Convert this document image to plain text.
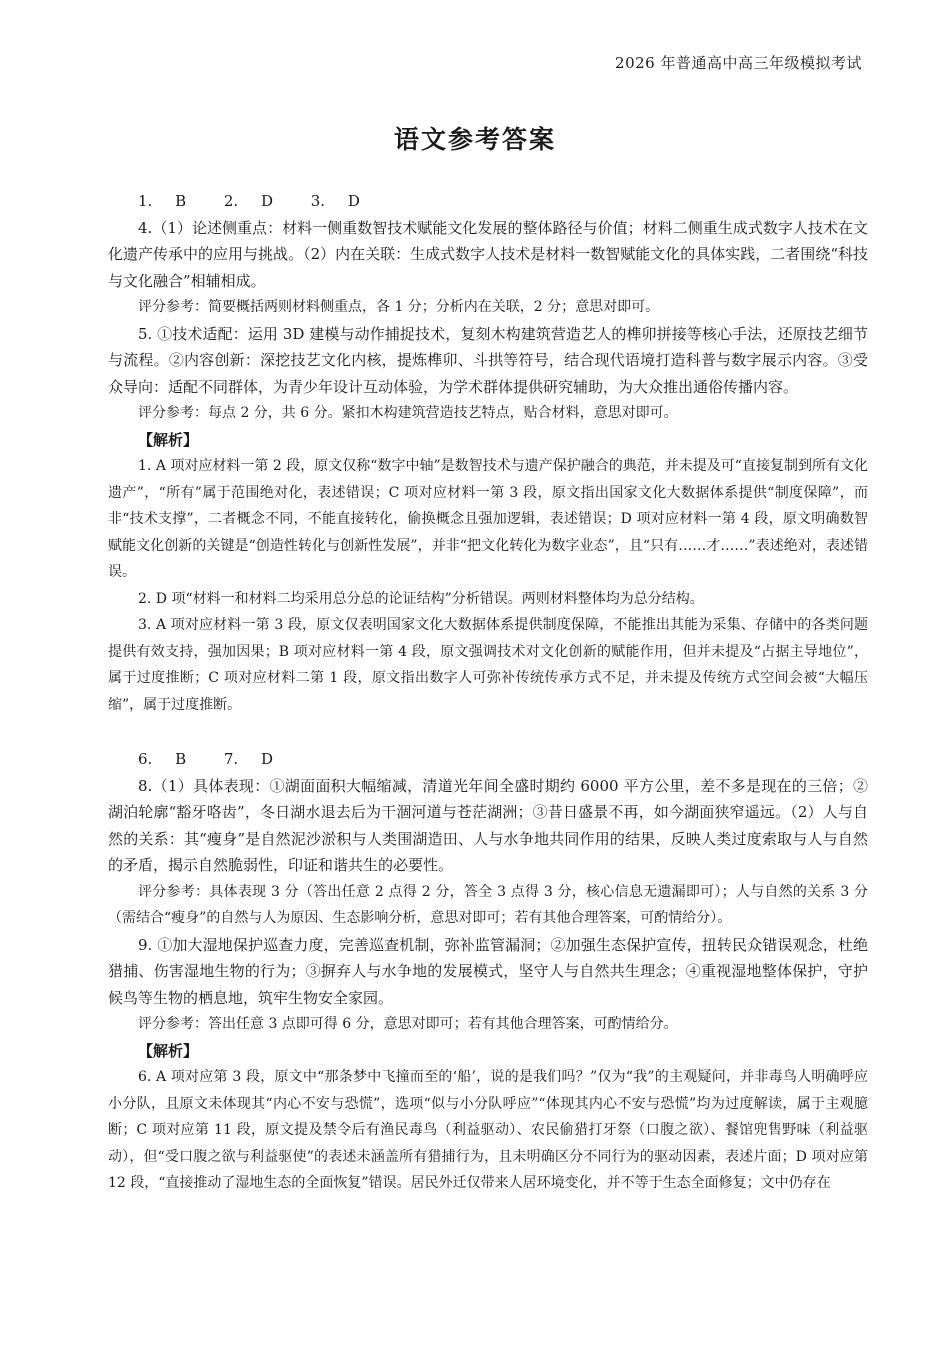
2026 年普通高中高三年级模拟考试
语文参考答案

1. B　 2. D　 3. D

4.（1）论述侧重点：材料一侧重数智技术赋能文化发展的整体路径与价值；材料二侧重生成式数字人技术在文化遗产传承中的应用与挑战。（2）内在关联：生成式数字人技术是材料一数智赋能文化的具体实践，二者围绕“科技与文化融合”相辅相成。

评分参考：简要概括两则材料侧重点，各 1 分；分析内在关联，2 分；意思对即可。

5. ①技术适配：运用 3D 建模与动作捕捉技术，复刻木构建筑营造艺人的榫卯拼接等核心手法，还原技艺细节与流程。②内容创新：深挖技艺文化内核，提炼榫卯、斗拱等符号，结合现代语境打造科普与数字展示内容。③受众导向：适配不同群体，为青少年设计互动体验，为学术群体提供研究辅助，为大众推出通俗传播内容。

评分参考：每点 2 分，共 6 分。紧扣木构建筑营造技艺特点，贴合材料，意思对即可。

【解析】

1. A 项对应材料一第 2 段，原文仅称“数字中轴”是数智技术与遗产保护融合的典范，并未提及可“直接复制到所有文化遗产”，“所有”属于范围绝对化，表述错误；C 项对应材料一第 3 段，原文指出国家文化大数据体系提供“制度保障”，而非“技术支撑”，二者概念不同，不能直接转化，偷换概念且强加逻辑，表述错误；D 项对应材料一第 4 段，原文明确数智赋能文化创新的关键是“创造性转化与创新性发展”，并非“把文化转化为数字业态”，且“只有……才……”表述绝对，表述错误。

2. D 项“材料一和材料二均采用总分总的论证结构”分析错误。两则材料整体均为总分结构。

3. A 项对应材料一第 3 段，原文仅表明国家文化大数据体系提供制度保障，不能推出其能为采集、存储中的各类问题提供有效支持，强加因果；B 项对应材料一第 4 段，原文强调技术对文化创新的赋能作用，但并未提及“占据主导地位”，属于过度推断；C 项对应材料二第 1 段，原文指出数字人可弥补传统传承方式不足，并未提及传统方式空间会被“大幅压缩”，属于过度推断。

6. B　 7. D

8.（1）具体表现：①湖面面积大幅缩减，清道光年间全盛时期约 6000 平方公里，差不多是现在的三倍；②湖泊轮廓“豁牙咯齿”，冬日湖水退去后为干涸河道与苍茫湖洲；③昔日盛景不再，如今湖面狭窄遥远。（2）人与自然的关系：其“瘦身”是自然泥沙淤积与人类围湖造田、人与水争地共同作用的结果，反映人类过度索取与人与自然的矛盾，揭示自然脆弱性，印证和谐共生的必要性。

评分参考：具体表现 3 分（答出任意 2 点得 2 分，答全 3 点得 3 分，核心信息无遗漏即可）；人与自然的关系 3 分（需结合“瘦身”的自然与人为原因、生态影响分析，意思对即可；若有其他合理答案，可酌情给分）。

9. ①加大湿地保护巡查力度，完善巡查机制，弥补监管漏洞；②加强生态保护宣传，扭转民众错误观念，杜绝猎捕、伤害湿地生物的行为；③摒弃人与水争地的发展模式，坚守人与自然共生理念；④重视湿地整体保护，守护候鸟等生物的栖息地，筑牢生物安全家园。

评分参考：答出任意 3 点即可得 6 分，意思对即可；若有其他合理答案，可酌情给分。

【解析】

6. A 项对应第 3 段，原文中“那条梦中飞撞而至的‘船’，说的是我们吗？”仅为“我”的主观疑问，并非毒鸟人明确呼应小分队，且原文未体现其“内心不安与恐慌”，选项“似与小分队呼应”“体现其内心不安与恐慌”均为过度解读，属于主观臆断；C 项对应第 11 段，原文提及禁令后有渔民毒鸟（利益驱动）、农民偷猎打牙祭（口腹之欲）、餐馆兜售野味（利益驱动），但“受口腹之欲与利益驱使”的表述未涵盖所有猎捕行为，且未明确区分不同行为的驱动因素，表述片面；D 项对应第 12 段，“直接推动了湿地生态的全面恢复”错误。居民外迁仅带来人居环境变化，并不等于生态全面修复；文中仍存在
